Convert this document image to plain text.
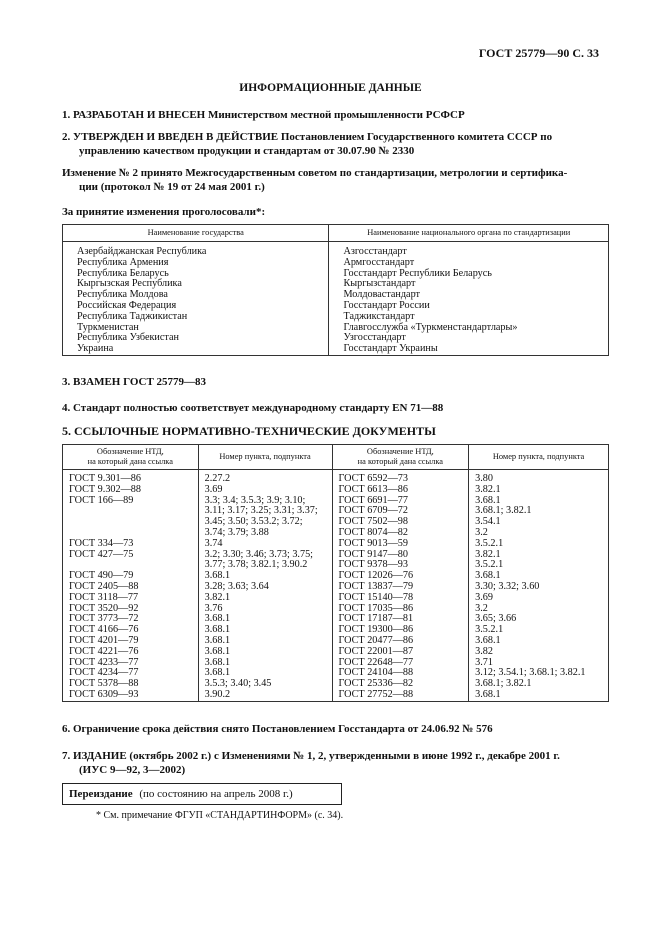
ГОСТ 25779—90 С. 33
ИНФОРМАЦИОННЫЕ ДАННЫЕ
1. РАЗРАБОТАН И ВНЕСЕН Министерством местной промышленности РСФСР
2. УТВЕРЖДЕН И ВВЕДЕН В ДЕЙСТВИЕ Постановлением Государственного комитета СССР по
управлению качеством продукции и стандартам от 30.07.90 № 2330
Изменение № 2 принято Межгосударственным советом по стандартизации, метрологии и сертифика-
ции (протокол № 19 от 24 мая 2001 г.)
За принятие изменения проголосовали*:
Наименование государства	Наименование национального органа по стандартизации
Азербайджанская Республика	Азгосстандарт
Республика Армения	Армгосстандарт
Республика Беларусь	Госстандарт Республики Беларусь
Кыргызская Республика	Кыргызстандарт
Республика Молдова	Молдовастандарт
Российская Федерация	Госстандарт России
Республика Таджикистан	Таджикстандарт
Туркменистан	Главгосслужба «Туркменстандартлары»
Республика Узбекистан	Узгосстандарт
Украина	Госстандарт Украины
3. ВЗАМЕН ГОСТ 25779—83
4. Стандарт полностью соответствует международному стандарту EN 71—88
5. ССЫЛОЧНЫЕ НОРМАТИВНО-ТЕХНИЧЕСКИЕ ДОКУМЕНТЫ
Обозначение НТД,
на который дана ссылка	Номер пункта, подпункта	Обозначение НТД,
на который дана ссылка	Номер пункта, подпункта
ГОСТ 9.301—86	2.27.2	ГОСТ 6592—73	3.80
ГОСТ 9.302—88	3.69	ГОСТ 6613—86	3.82.1
ГОСТ 166—89	3.3; 3.4; 3.5.3; 3.9; 3.10;	ГОСТ 6691—77	3.68.1
	3.11; 3.17; 3.25; 3.31; 3.37;	ГОСТ 6709—72	3.68.1; 3.82.1
	3.45; 3.50; 3.53.2; 3.72;	ГОСТ 7502—98	3.54.1
	3.74; 3.79; 3.88	ГОСТ 8074—82	3.2
ГОСТ 334—73	3.74	ГОСТ 9013—59	3.5.2.1
ГОСТ 427—75	3.2; 3.30; 3.46; 3.73; 3.75;	ГОСТ 9147—80	3.82.1
	3.77; 3.78; 3.82.1; 3.90.2	ГОСТ 9378—93	3.5.2.1
ГОСТ 490—79	3.68.1	ГОСТ 12026—76	3.68.1
ГОСТ 2405—88	3.28; 3.63; 3.64	ГОСТ 13837—79	3.30; 3.32; 3.60
ГОСТ 3118—77	3.82.1	ГОСТ 15140—78	3.69
ГОСТ 3520—92	3.76	ГОСТ 17035—86	3.2
ГОСТ 3773—72	3.68.1	ГОСТ 17187—81	3.65; 3.66
ГОСТ 4166—76	3.68.1	ГОСТ 19300—86	3.5.2.1
ГОСТ 4201—79	3.68.1	ГОСТ 20477—86	3.68.1
ГОСТ 4221—76	3.68.1	ГОСТ 22001—87	3.82
ГОСТ 4233—77	3.68.1	ГОСТ 22648—77	3.71
ГОСТ 4234—77	3.68.1	ГОСТ 24104—88	3.12; 3.54.1; 3.68.1; 3.82.1
ГОСТ 5378—88	3.5.3; 3.40; 3.45	ГОСТ 25336—82	3.68.1; 3.82.1
ГОСТ 6309—93	3.90.2	ГОСТ 27752—88	3.68.1
6. Ограничение срока действия снято Постановлением Госстандарта от 24.06.92 № 576
7. ИЗДАНИЕ (октябрь 2002 г.) с Изменениями № 1, 2, утвержденными в июне 1992 г., декабре 2001 г.
(ИУС 9—92, 3—2002)
Переиздание (по состоянию на апрель 2008 г.)
* См. примечание ФГУП «СТАНДАРТИНФОРМ» (с. 34).
